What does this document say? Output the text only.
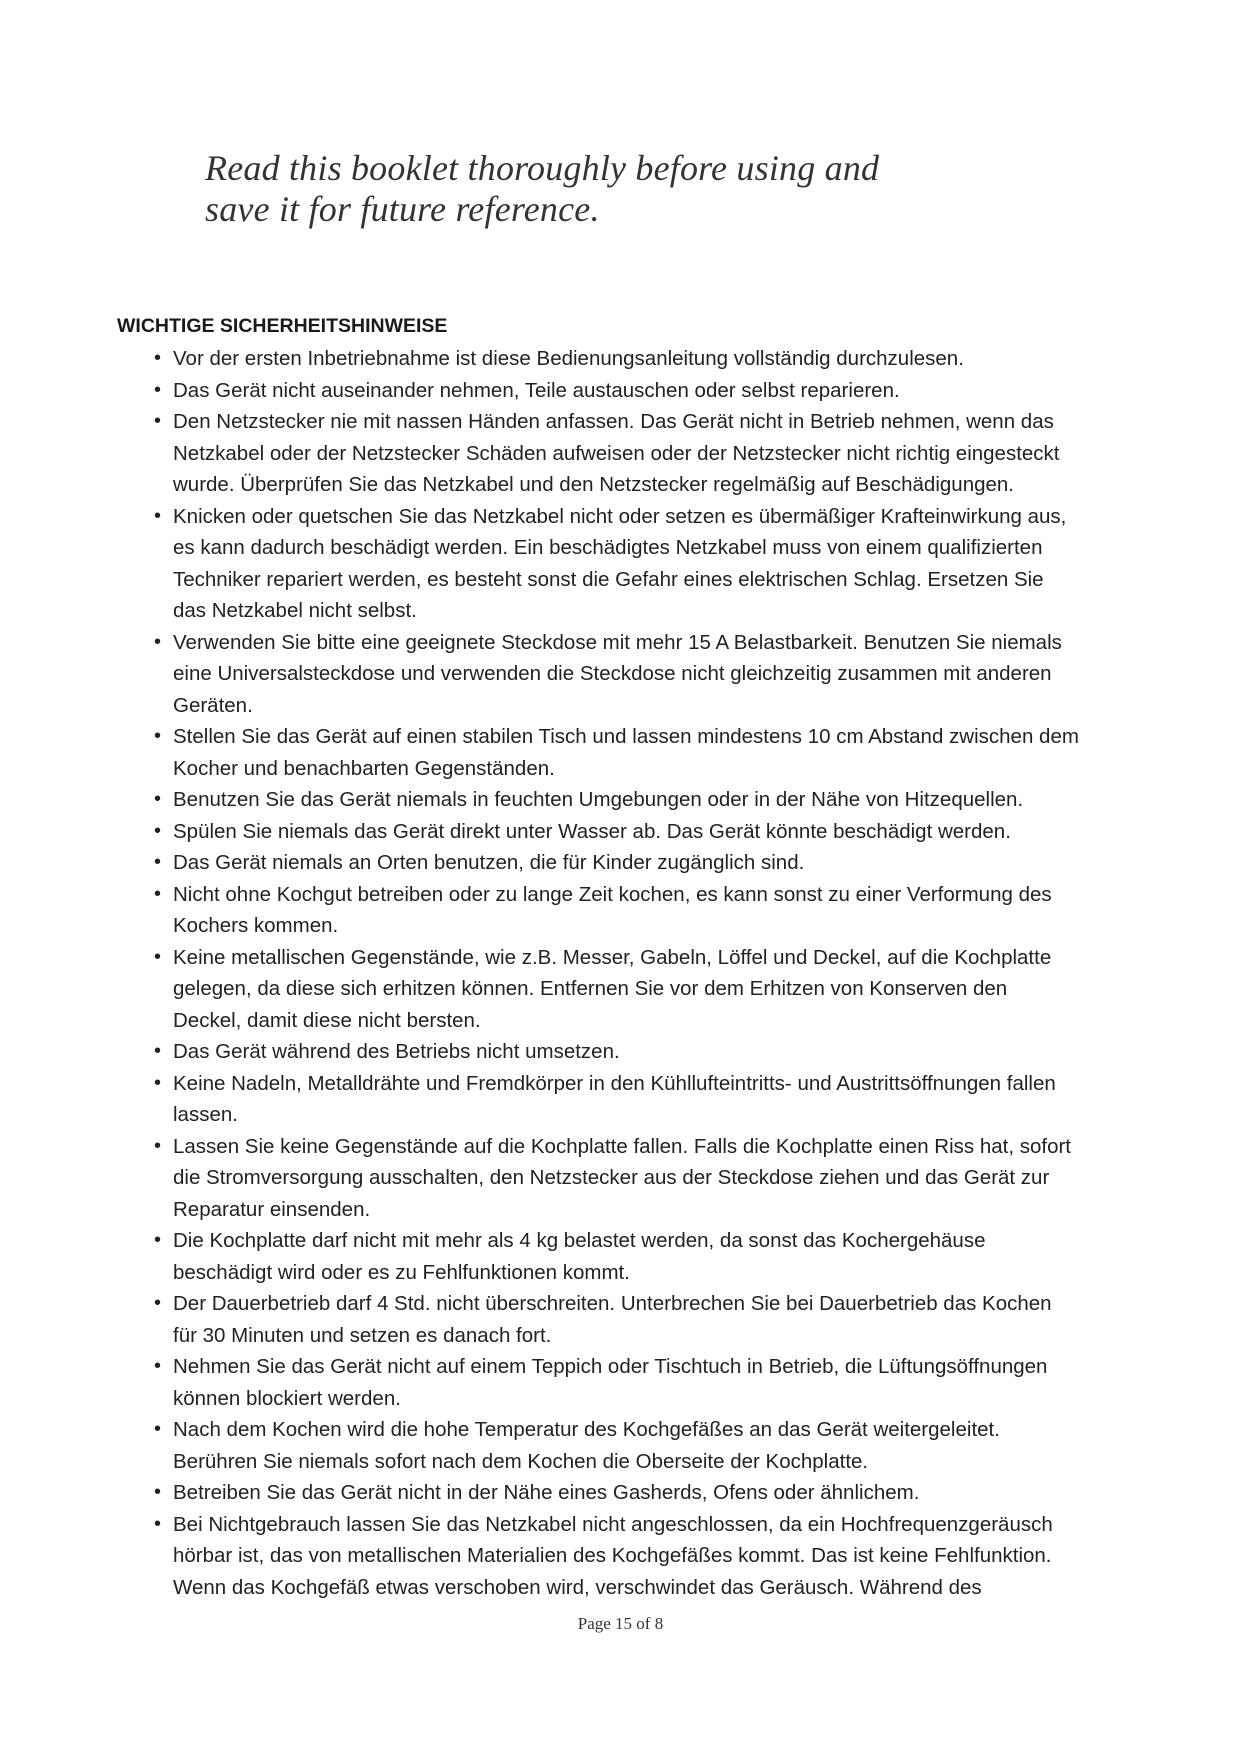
Read this booklet thoroughly before using and
save it for future reference.
WICHTIGE SICHERHEITSHINWEISE
• Vor der ersten Inbetriebnahme ist diese Bedienungsanleitung vollständig durchzulesen.
• Das Gerät nicht auseinander nehmen, Teile austauschen oder selbst reparieren.
• Den Netzstecker nie mit nassen Händen anfassen. Das Gerät nicht in Betrieb nehmen, wenn das
Netzkabel oder der Netzstecker Schäden aufweisen oder der Netzstecker nicht richtig eingesteckt
wurde. Überprüfen Sie das Netzkabel und den Netzstecker regelmäßig auf Beschädigungen.
• Knicken oder quetschen Sie das Netzkabel nicht oder setzen es übermäßiger Krafteinwirkung aus,
es kann dadurch beschädigt werden. Ein beschädigtes Netzkabel muss von einem qualifizierten
Techniker repariert werden, es besteht sonst die Gefahr eines elektrischen Schlag. Ersetzen Sie
das Netzkabel nicht selbst.
• Verwenden Sie bitte eine geeignete Steckdose mit mehr 15 A Belastbarkeit. Benutzen Sie niemals
eine Universalsteckdose und verwenden die Steckdose nicht gleichzeitig zusammen mit anderen
Geräten.
• Stellen Sie das Gerät auf einen stabilen Tisch und lassen mindestens 10 cm Abstand zwischen dem
Kocher und benachbarten Gegenständen.
• Benutzen Sie das Gerät niemals in feuchten Umgebungen oder in der Nähe von Hitzequellen.
• Spülen Sie niemals das Gerät direkt unter Wasser ab. Das Gerät könnte beschädigt werden.
• Das Gerät niemals an Orten benutzen, die für Kinder zugänglich sind.
• Nicht ohne Kochgut betreiben oder zu lange Zeit kochen, es kann sonst zu einer Verformung des
Kochers kommen.
• Keine metallischen Gegenstände, wie z.B. Messer, Gabeln, Löffel und Deckel, auf die Kochplatte
gelegen, da diese sich erhitzen können. Entfernen Sie vor dem Erhitzen von Konserven den
Deckel, damit diese nicht bersten.
• Das Gerät während des Betriebs nicht umsetzen.
• Keine Nadeln, Metalldrähte und Fremdkörper in den Kühllufteintritts- und Austrittsöffnungen fallen
lassen.
• Lassen Sie keine Gegenstände auf die Kochplatte fallen. Falls die Kochplatte einen Riss hat, sofort
die Stromversorgung ausschalten, den Netzstecker aus der Steckdose ziehen und das Gerät zur
Reparatur einsenden.
• Die Kochplatte darf nicht mit mehr als 4 kg belastet werden, da sonst das Kochergehäuse
beschädigt wird oder es zu Fehlfunktionen kommt.
• Der Dauerbetrieb darf 4 Std. nicht überschreiten. Unterbrechen Sie bei Dauerbetrieb das Kochen
für 30 Minuten und setzen es danach fort.
• Nehmen Sie das Gerät nicht auf einem Teppich oder Tischtuch in Betrieb, die Lüftungsöffnungen
können blockiert werden.
• Nach dem Kochen wird die hohe Temperatur des Kochgefäßes an das Gerät weitergeleitet.
Berühren Sie niemals sofort nach dem Kochen die Oberseite der Kochplatte.
• Betreiben Sie das Gerät nicht in der Nähe eines Gasherds, Ofens oder ähnlichem.
• Bei Nichtgebrauch lassen Sie das Netzkabel nicht angeschlossen, da ein Hochfrequenzgeräusch
hörbar ist, das von metallischen Materialien des Kochgefäßes kommt. Das ist keine Fehlfunktion.
Wenn das Kochgefäß etwas verschoben wird, verschwindet das Geräusch. Während des
Page 15 of 8
